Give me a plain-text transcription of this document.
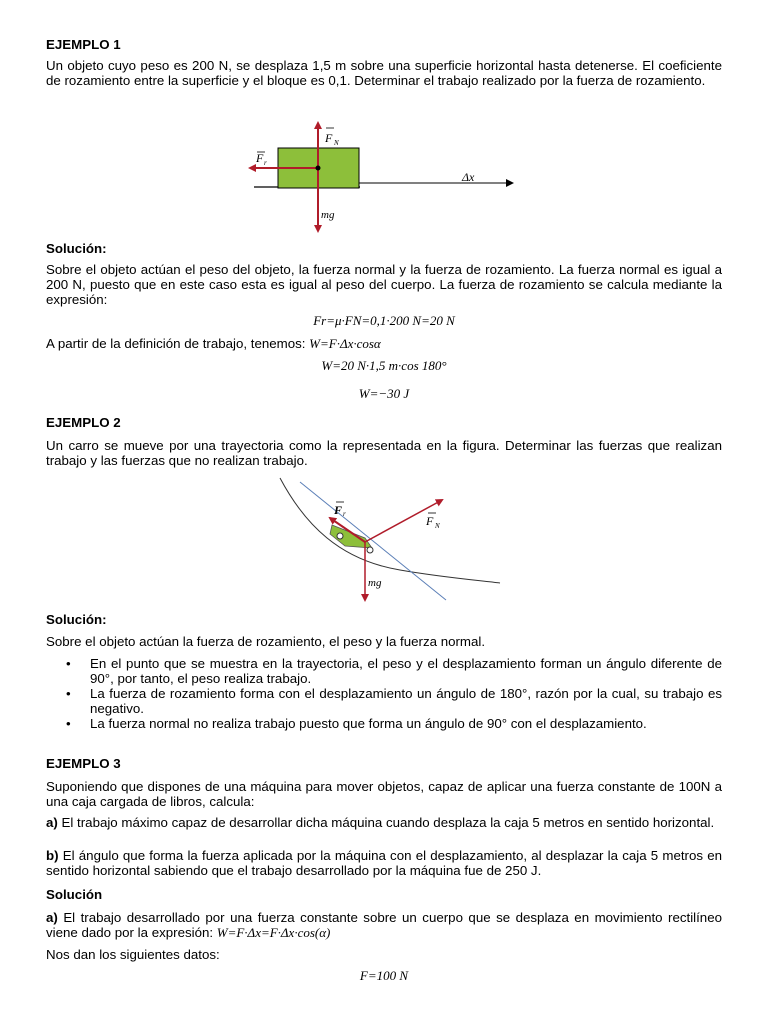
EJEMPLO 1
Un objeto cuyo peso es 200 N, se desplaza 1,5 m sobre una superficie horizontal hasta detenerse. El coeficiente de rozamiento entre la superficie y el bloque es 0,1. Determinar el trabajo realizado por la fuerza de rozamiento.
F N
F r
Δx
mg
Solución:
Sobre el objeto actúan el peso del objeto, la fuerza normal y la fuerza de rozamiento. La fuerza normal es igual a 200 N, puesto que en este caso esta es igual al peso del cuerpo. La fuerza de rozamiento se calcula mediante la expresión:
Fr=μ·FN=0,1·200 N=20 N
A partir de la definición de trabajo, tenemos: W=F·Δx·cosα
W=20 N·1,5 m·cos 180°
W=−30 J
EJEMPLO 2
Un carro se mueve por una trayectoria como la representada en la figura. Determinar las fuerzas que realizan trabajo y las fuerzas que no realizan trabajo.
F r	F N
mg
Solución:
Sobre el objeto actúan la fuerza de rozamiento, el peso y la fuerza normal.
• En el punto que se muestra en la trayectoria, el peso y el desplazamiento forman un ángulo diferente de 90°, por tanto, el peso realiza trabajo.
• La fuerza de rozamiento forma con el desplazamiento un ángulo de 180°, razón por la cual, su trabajo es negativo.
• La fuerza normal no realiza trabajo puesto que forma un ángulo de 90° con el desplazamiento.
EJEMPLO 3
Suponiendo que dispones de una máquina para mover objetos, capaz de aplicar una fuerza constante de 100N a una caja cargada de libros, calcula:
a) El trabajo máximo capaz de desarrollar dicha máquina cuando desplaza la caja 5 metros en sentido horizontal.
b) El ángulo que forma la fuerza aplicada por la máquina con el desplazamiento, al desplazar la caja 5 metros en sentido horizontal sabiendo que el trabajo desarrollado por la máquina fue de 250 J.
Solución
a) El trabajo desarrollado por una fuerza constante sobre un cuerpo que se desplaza en movimiento rectilíneo viene dado por la expresión: W=F·Δx=F·Δx·cos(α)
Nos dan los siguientes datos:
F=100 N
